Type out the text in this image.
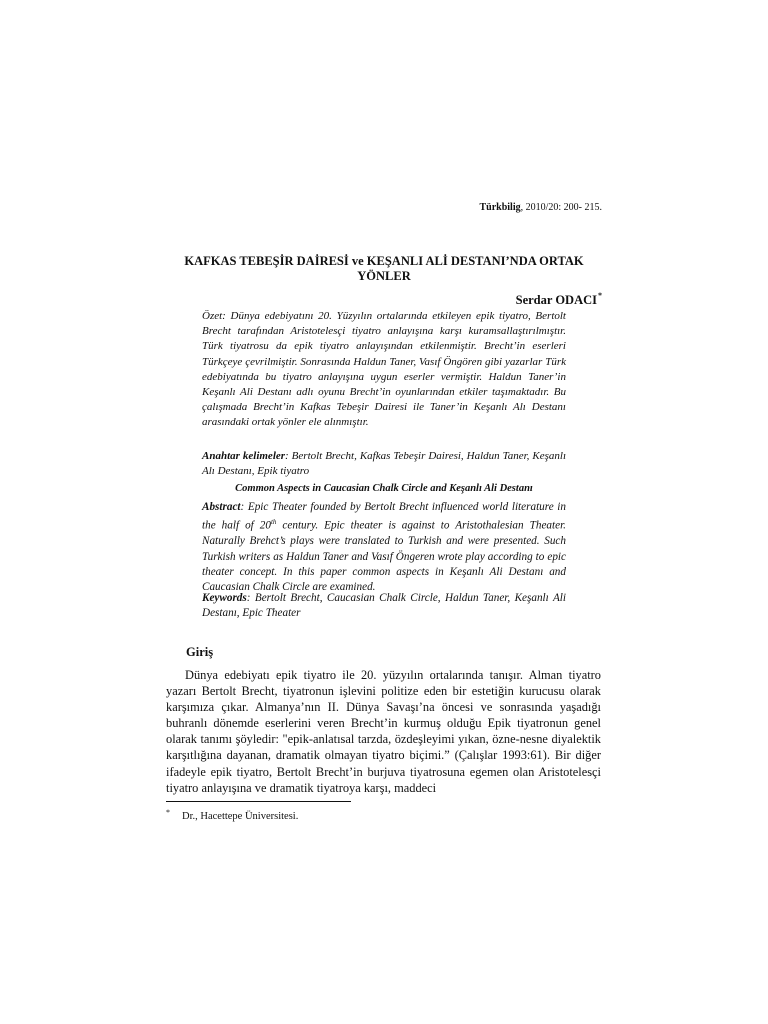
Türkbilig, 2010/20: 200- 215.
KAFKAS TEBEŞİR DAİRESİ ve KEŞANLI ALİ DESTANI’NDA ORTAK
YÖNLER
Serdar ODACI*
Özet: Dünya edebiyatını 20. Yüzyılın ortalarında etkileyen epik tiyatro, Bertolt Brecht tarafından Aristotelesçi tiyatro anlayışına karşı kuramsallaştırılmıştır. Türk tiyatrosu da epik tiyatro anlayışından etkilenmiştir. Brecht’in eserleri Türkçeye çevrilmiştir. Sonrasında Haldun Taner, Vasıf Öngören gibi yazarlar Türk edebiyatında bu tiyatro anlayışına uygun eserler vermiştir. Haldun Taner’in Keşanlı Ali Destanı adlı oyunu Brecht’in oyunlarından etkiler taşımaktadır. Bu çalışmada Brecht’in Kafkas Tebeşir Dairesi ile Taner’in Keşanlı Alı Destanı arasındaki ortak yönler ele alınmıştır.
Anahtar kelimeler: Bertolt Brecht, Kafkas Tebeşir Dairesi, Haldun Taner, Keşanlı Alı Destanı, Epik tiyatro
Common Aspects in Caucasian Chalk Circle and Keşanlı Ali Destanı
Abstract: Epic Theater founded by Bertolt Brecht influenced world literature in the half of 20th century. Epic theater is against to Aristothalesian Theater. Naturally Brehct’s plays were translated to Turkish and were presented. Such Turkish writers as Haldun Taner and Vasıf Öngeren wrote play according to epic theater concept. In this paper common aspects in Keşanlı Ali Destanı and Caucasian Chalk Circle are examined.
Keywords: Bertolt Brecht, Caucasian Chalk Circle, Haldun Taner, Keşanlı Ali Destanı, Epic Theater
Giriş

Dünya edebiyatı epik tiyatro ile 20. yüzyılın ortalarında tanışır. Alman tiyatro yazarı Bertolt Brecht, tiyatronun işlevini politize eden bir estetiğin kurucusu olarak karşımıza çıkar. Almanya’nın II. Dünya Savaşı’na öncesi ve sonrasında yaşadığı buhranlı dönemde eserlerini veren Brecht’in kurmuş olduğu Epik tiyatronun genel olarak tanımı şöyledir: "epik-anlatısal tarzda, özdeşleyimi yıkan, özne-nesne diyalektik karşıtlığına dayanan, dramatik olmayan tiyatro biçimi.” (Çalışlar 1993:61). Bir diğer ifadeyle epik tiyatro, Bertolt Brecht’in burjuva tiyatrosuna egemen olan Aristotelesçi tiyatro anlayışına ve dramatik tiyatroya karşı, maddeci

* Dr., Hacettepe Üniversitesi.
